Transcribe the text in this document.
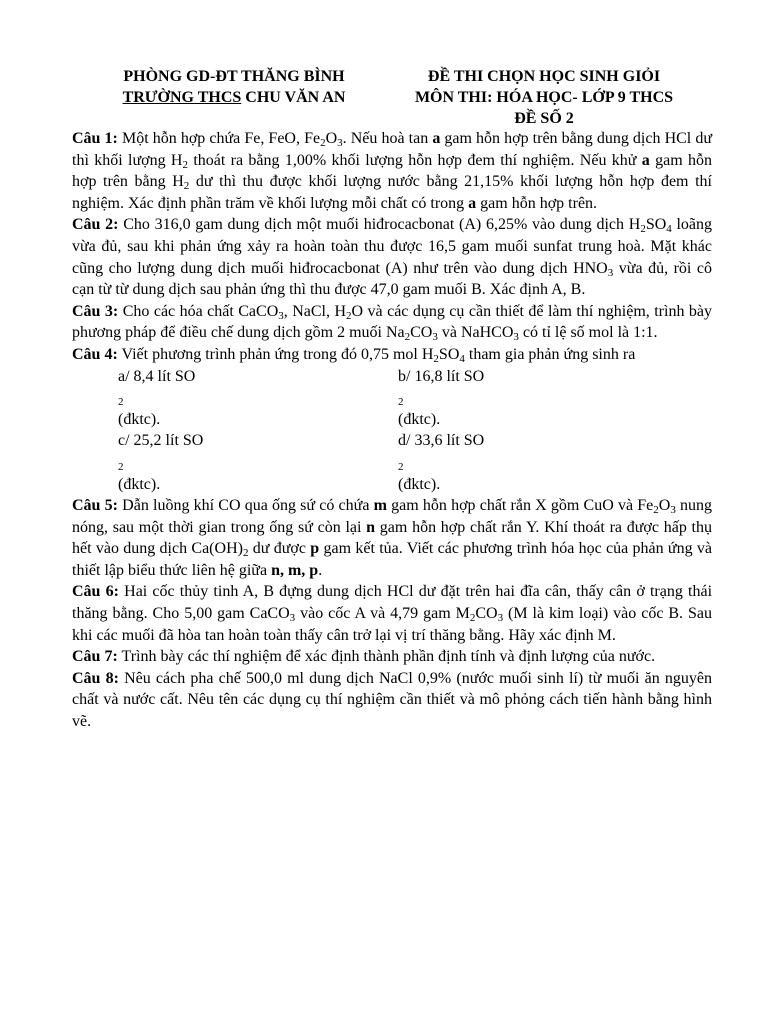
PHÒNG GD-ĐT THĂNG BÌNH
TRƯỜNG THCS CHU VĂN AN
ĐỀ THI CHỌN HỌC SINH GIỎI
MÔN THI: HÓA HỌC- LỚP 9 THCS
ĐỀ SỐ 2

Câu 1: Một hỗn hợp chứa Fe, FeO, $Fe_2O_3$. Nếu hoà tan a gam hỗn hợp trên bằng dung dịch HCl dư thì khối lượng $H_2$ thoát ra bằng 1,00% khối lượng hỗn hợp đem thí nghiệm. Nếu khử a gam hỗn hợp trên bằng $H_2$ dư thì thu được khối lượng nước bằng 21,15% khối lượng hỗn hợp đem thí nghiệm. Xác định phần trăm về khối lượng mỗi chất có trong a gam hỗn hợp trên.

Câu 2: Cho 316,0 gam dung dịch một muối hiđrocacbonat (A) 6,25% vào dung dịch $H_2SO_4$ loãng vừa đủ, sau khi phản ứng xảy ra hoàn toàn thu được 16,5 gam muối sunfat trung hoà. Mặt khác cũng cho lượng dung dịch muối hiđrocacbonat (A) như trên vào dung dịch $HNO_3$ vừa đủ, rồi cô cạn từ từ dung dịch sau phản ứng thì thu được 47,0 gam muối B. Xác định A, B.

Câu 3: Cho các hóa chất CaCO$_3$, NaCl, $H_2O$ và các dụng cụ cần thiết để làm thí nghiệm, trình bày phương pháp để điều chế dung dịch gồm 2 muối $Na_2CO_3$ và NaHCO$_3$ có tỉ lệ số mol là 1:1.

Câu 4: Viết phương trình phản ứng trong đó 0,75 mol $H_2SO_4$ tham gia phản ứng sinh ra

a/ 8,4 lít SO
$_2$
(đktc).
b/ 16,8 lít SO
$_2$
(đktc).
c/ 25,2 lít SO
$_2$
(đktc).
d/ 33,6 lít SO
$_2$
(đktc).

Câu 5: Dẫn luồng khí CO qua ống sứ có chứa m gam hỗn hợp chất rắn X gồm CuO và $Fe_2O_3$ nung nóng, sau một thời gian trong ống sứ còn lại n gam hỗn hợp chất rắn Y. Khí thoát ra được hấp thụ hết vào dung dịch $Ca(OH)_2$ dư được p gam kết tủa. Viết các phương trình hóa học của phản ứng và thiết lập biểu thức liên hệ giữa n, m, p.

Câu 6: Hai cốc thủy tinh A, B đựng dung dịch HCl dư đặt trên hai đĩa cân, thấy cân ở trạng thái thăng bằng. Cho 5,00 gam CaCO$_3$ vào cốc A và 4,79 gam $M_2CO_3$ (M là kim loại) vào cốc B. Sau khi các muối đã hòa tan hoàn toàn thấy cân trở lại vị trí thăng bằng. Hãy xác định M.

Câu 7: Trình bày các thí nghiệm để xác định thành phần định tính và định lượng của nước.

Câu 8: Nêu cách pha chế 500,0 ml dung dịch NaCl 0,9% (nước muối sinh lí) từ muối ăn nguyên chất và nước cất. Nêu tên các dụng cụ thí nghiệm cần thiết và mô phỏng cách tiến hành bằng hình vẽ.
